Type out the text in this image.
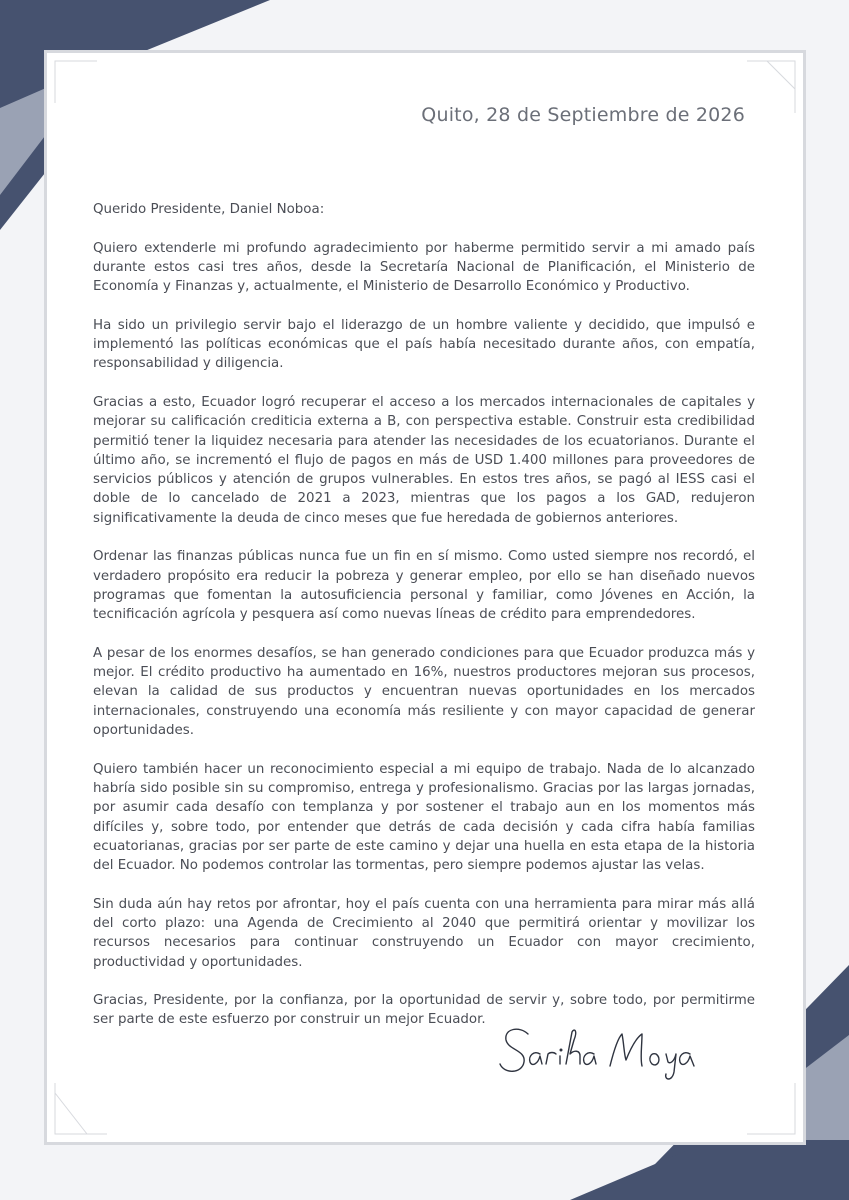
Quito, 28 de Septiembre de 2026

Querido Presidente, Daniel Noboa:

Quiero extenderle mi profundo agradecimiento por haberme permitido servir a mi amado país durante estos casi tres años, desde la Secretaría Nacional de Planificación, el Ministerio de Economía y Finanzas y, actualmente, el Ministerio de Desarrollo Económico y Productivo.

Ha sido un privilegio servir bajo el liderazgo de un hombre valiente y decidido, que impulsó e implementó las políticas económicas que el país había necesitado durante años, con empatía, responsabilidad y diligencia.

Gracias a esto, Ecuador logró recuperar el acceso a los mercados internacionales de capitales y mejorar su calificación crediticia externa a B, con perspectiva estable. Construir esta credibilidad permitió tener la liquidez necesaria para atender las necesidades de los ecuatorianos. Durante el último año, se incrementó el flujo de pagos en más de USD 1.400 millones para proveedores de servicios públicos y atención de grupos vulnerables. En estos tres años, se pagó al IESS casi el doble de lo cancelado de 2021 a 2023, mientras que los pagos a los GAD, redujeron significativamente la deuda de cinco meses que fue heredada de gobiernos anteriores.

Ordenar las finanzas públicas nunca fue un fin en sí mismo. Como usted siempre nos recordó, el verdadero propósito era reducir la pobreza y generar empleo, por ello se han diseñado nuevos programas que fomentan la autosuficiencia personal y familiar, como Jóvenes en Acción, la tecnificación agrícola y pesquera así como nuevas líneas de crédito para emprendedores.

A pesar de los enormes desafíos, se han generado condiciones para que Ecuador produzca más y mejor. El crédito productivo ha aumentado en 16%, nuestros productores mejoran sus procesos, elevan la calidad de sus productos y encuentran nuevas oportunidades en los mercados internacionales, construyendo una economía más resiliente y con mayor capacidad de generar oportunidades.

Quiero también hacer un reconocimiento especial a mi equipo de trabajo. Nada de lo alcanzado habría sido posible sin su compromiso, entrega y profesionalismo. Gracias por las largas jornadas, por asumir cada desafío con templanza y por sostener el trabajo aun en los momentos más difíciles y, sobre todo, por entender que detrás de cada decisión y cada cifra había familias ecuatorianas, gracias por ser parte de este camino y dejar una huella en esta etapa de la historia del Ecuador. No podemos controlar las tormentas, pero siempre podemos ajustar las velas.

Sin duda aún hay retos por afrontar, hoy el país cuenta con una herramienta para mirar más allá del corto plazo: una Agenda de Crecimiento al 2040 que permitirá orientar y movilizar los recursos necesarios para continuar construyendo un Ecuador con mayor crecimiento, productividad y oportunidades.

Gracias, Presidente, por la confianza, por la oportunidad de servir y, sobre todo, por permitirme ser parte de este esfuerzo por construir un mejor Ecuador.
